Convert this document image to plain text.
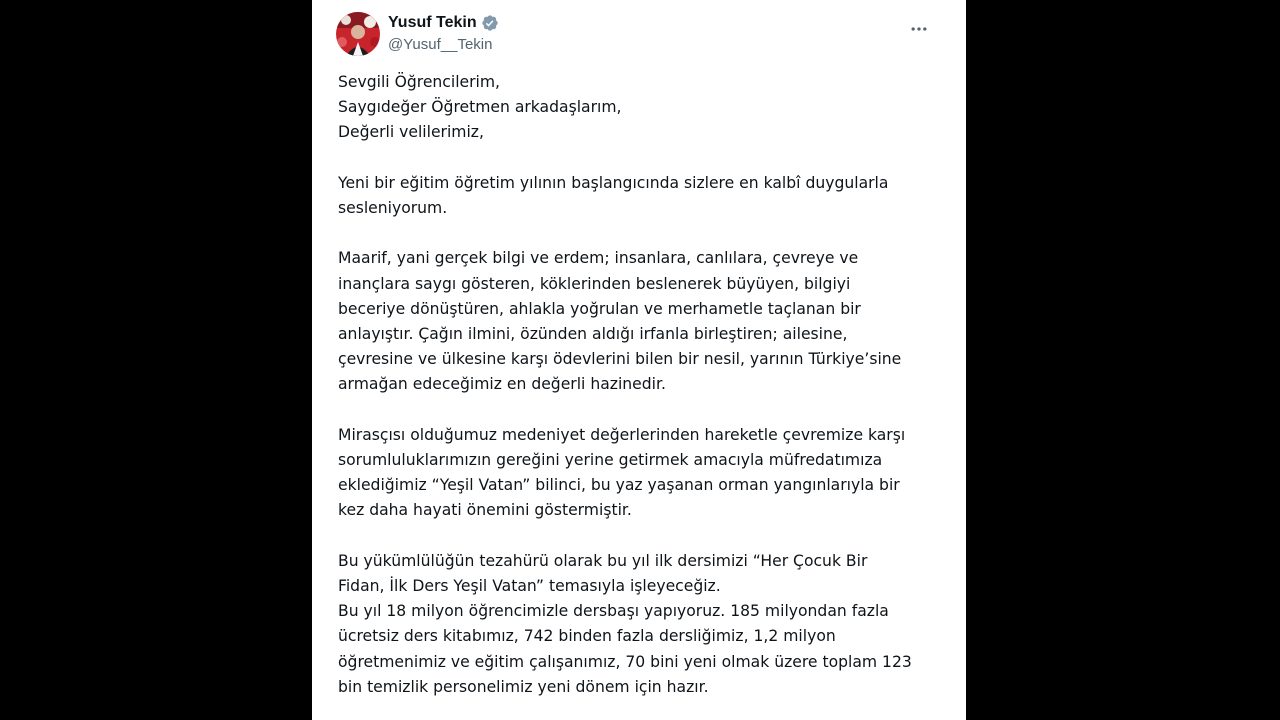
Yusuf Tekin
@Yusuf__Tekin

Sevgili Öğrencilerim,
Saygıdeğer Öğretmen arkadaşlarım,
Değerli velilerimiz,

Yeni bir eğitim öğretim yılının başlangıcında sizlere en kalbî duygularla
sesleniyorum.

Maarif, yani gerçek bilgi ve erdem; insanlara, canlılara, çevreye ve
inançlara saygı gösteren, köklerinden beslenerek büyüyen, bilgiyi
beceriye dönüştüren, ahlakla yoğrulan ve merhametle taçlanan bir
anlayıştır. Çağın ilmini, özünden aldığı irfanla birleştiren; ailesine,
çevresine ve ülkesine karşı ödevlerini bilen bir nesil, yarının Türkiye’sine
armağan edeceğimiz en değerli hazinedir.

Mirasçısı olduğumuz medeniyet değerlerinden hareketle çevremize karşı
sorumluluklarımızın gereğini yerine getirmek amacıyla müfredatımıza
eklediğimiz “Yeşil Vatan” bilinci, bu yaz yaşanan orman yangınlarıyla bir
kez daha hayati önemini göstermiştir.

Bu yükümlülüğün tezahürü olarak bu yıl ilk dersimizi “Her Çocuk Bir
Fidan, İlk Ders Yeşil Vatan” temasıyla işleyeceğiz.
Bu yıl 18 milyon öğrencimizle dersbaşı yapıyoruz. 185 milyondan fazla
ücretsiz ders kitabımız, 742 binden fazla dersliğimiz, 1,2 milyon
öğretmenimiz ve eğitim çalışanımız, 70 bini yeni olmak üzere toplam 123
bin temizlik personelimiz yeni dönem için hazır.
